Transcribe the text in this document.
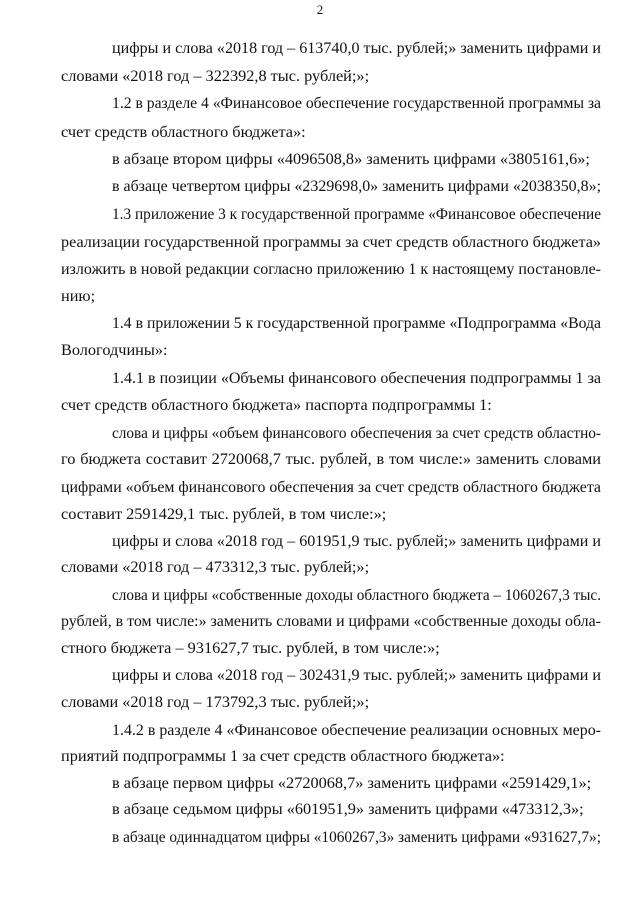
2
цифры и слова «2018 год – 613740,0 тыс. рублей;» заменить цифрами и
словами «2018 год – 322392,8 тыс. рублей;»;
1.2 в разделе 4 «Финансовое обеспечение государственной программы за
счет средств областного бюджета»:
в абзаце втором цифры «4096508,8» заменить цифрами «3805161,6»;
в абзаце четвертом цифры «2329698,0» заменить цифрами «2038350,8»;
1.3 приложение 3 к государственной программе «Финансовое обеспечение
реализации государственной программы за счет средств областного бюджета»
изложить в новой редакции согласно приложению 1 к настоящему постановле-
нию;
1.4 в приложении 5 к государственной программе «Подпрограмма «Вода
Вологодчины»:
1.4.1 в позиции «Объемы финансового обеспечения подпрограммы 1 за
счет средств областного бюджета» паспорта подпрограммы 1:
слова и цифры «объем финансового обеспечения за счет средств областно-
го бюджета составит 2720068,7 тыс. рублей, в том числе:» заменить словами
цифрами «объем финансового обеспечения за счет средств областного бюджета
составит 2591429,1 тыс. рублей, в том числе:»;
цифры и слова «2018 год – 601951,9 тыс. рублей;» заменить цифрами и
словами «2018 год – 473312,3 тыс. рублей;»;
слова и цифры «собственные доходы областного бюджета – 1060267,3 тыс.
рублей, в том числе:» заменить словами и цифрами «собственные доходы обла-
стного бюджета – 931627,7 тыс. рублей, в том числе:»;
цифры и слова «2018 год – 302431,9 тыс. рублей;» заменить цифрами и
словами «2018 год – 173792,3 тыс. рублей;»;
1.4.2 в разделе 4 «Финансовое обеспечение реализации основных меро-
приятий подпрограммы 1 за счет средств областного бюджета»:
в абзаце первом цифры «2720068,7» заменить цифрами «2591429,1»;
в абзаце седьмом цифры «601951,9» заменить цифрами «473312,3»;
в абзаце одиннадцатом цифры «1060267,3» заменить цифрами «931627,7»;
